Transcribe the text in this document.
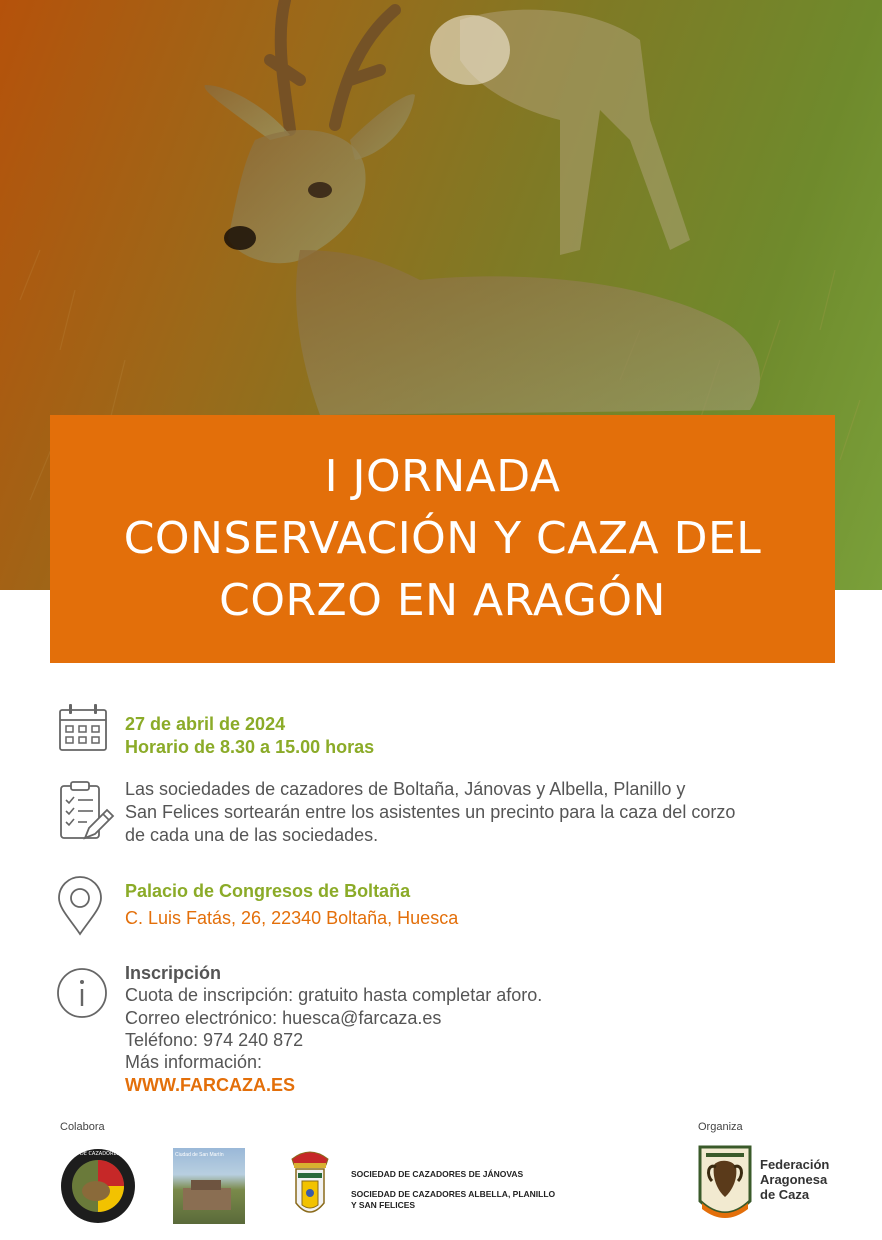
I JORNADA
CONSERVACIÓN Y CAZA DEL
CORZO EN ARAGÓN
27 de abril de 2024
Horario de 8.30 a 15.00 horas
Las sociedades de cazadores de Boltaña, Jánovas y Albella, Planillo y
San Felices sortearán entre los asistentes un precinto para la caza del corzo
de cada una de las sociedades.
Palacio de Congresos de Boltaña
C. Luis Fatás, 26, 22340 Boltaña, Huesca
Inscripción
Cuota de inscripción: gratuito hasta completar aforo.
Correo electrónico: huesca@farcaza.es
Teléfono: 974 240 872
Más información:
WWW.FARCAZA.ES
Colabora	Organiza
SOCIEDAD DE CAZADORES BOLTAÑA	Ciudad de San Martín
SOCIEDAD DE CAZADORES DE JÁNOVAS
SOCIEDAD DE CAZADORES ALBELLA, PLANILLO
Y SAN FELICES
Federación
Aragonesa
de Caza
